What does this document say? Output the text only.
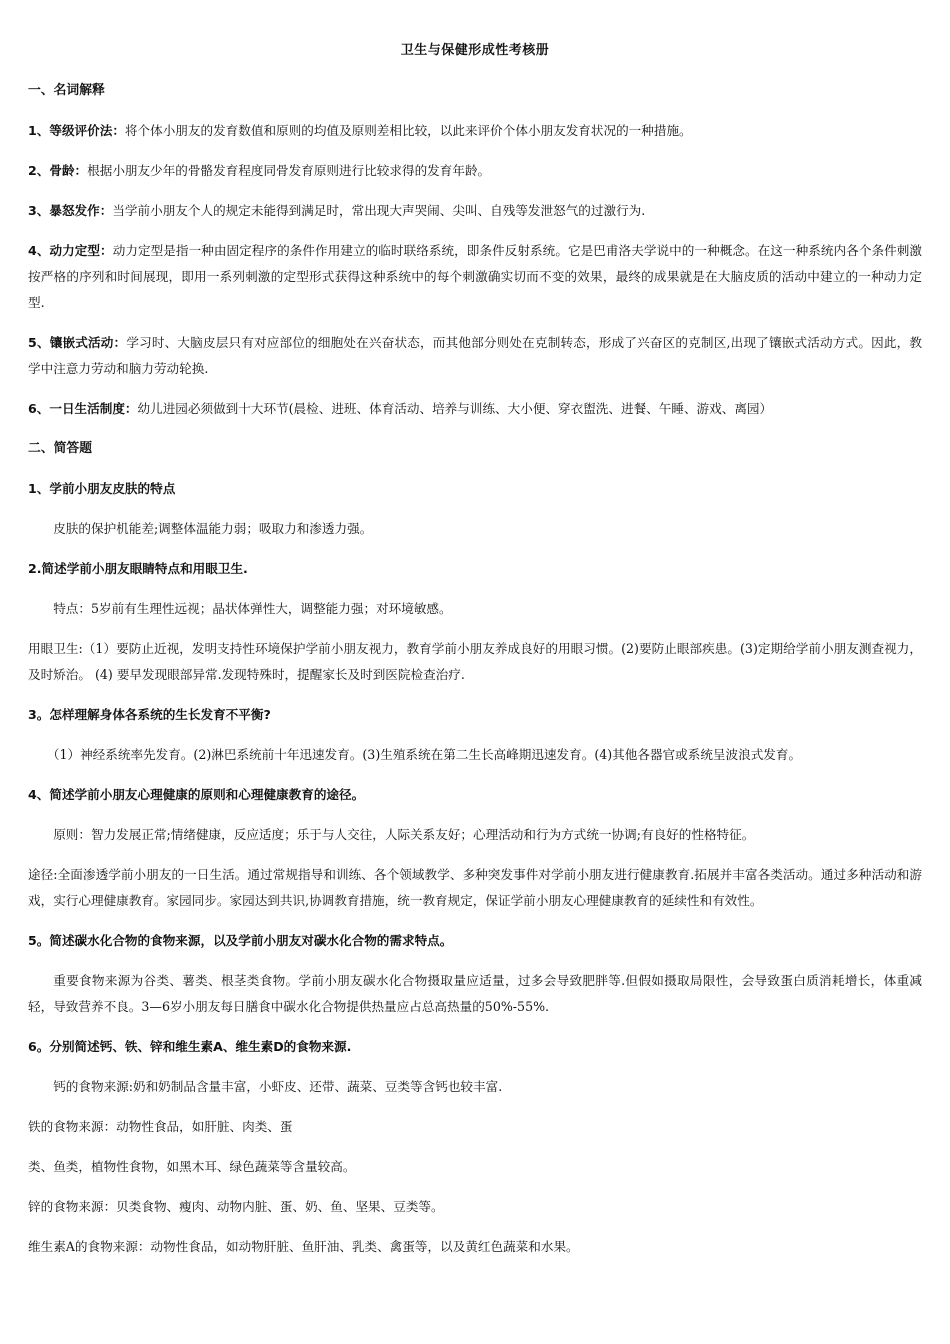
卫生与保健形成性考核册
一、名词解释
1、等级评价法：将个体小朋友的发育数值和原则的均值及原则差相比较，以此来评价个体小朋友发育状况的一种措施。
2、骨龄：根据小朋友少年的骨骼发育程度同骨发育原则进行比较求得的发育年龄。
3、暴怒发作：当学前小朋友个人的规定未能得到满足时，常出现大声哭闹、尖叫、自残等发泄怒气的过激行为.
4、动力定型：动力定型是指一种由固定程序的条件作用建立的临时联络系统，即条件反射系统。它是巴甫洛夫学说中的一种概念。在这一种系统内各个条件刺激按严格的序列和时间展现，即用一系列刺激的定型形式获得这种系统中的每个刺激确实切而不变的效果，最终的成果就是在大脑皮质的活动中建立的一种动力定型.
5、镶嵌式活动：学习时、大脑皮层只有对应部位的细胞处在兴奋状态，而其他部分则处在克制转态，形成了兴奋区的克制区,出现了镶嵌式活动方式。因此，教学中注意力劳动和脑力劳动轮换.
6、一日生活制度：幼儿进园必须做到十大环节(晨检、进班、体育活动、培养与训练、大小便、穿衣盥洗、进餐、午睡、游戏、离园）
二、简答题
1、学前小朋友皮肤的特点
皮肤的保护机能差;调整体温能力弱；吸取力和渗透力强。
2.简述学前小朋友眼睛特点和用眼卫生.
特点：5岁前有生理性远视；晶状体弹性大，调整能力强；对环境敏感。
用眼卫生:（1）要防止近视，发明支持性环境保护学前小朋友视力，教育学前小朋友养成良好的用眼习惯。(2)要防止眼部疾患。(3)定期给学前小朋友测查视力，及时矫治。 (4) 要早发现眼部异常.发现特殊时，提醒家长及时到医院检查治疗.
3。怎样理解身体各系统的生长发育不平衡?
（1）神经系统率先发育。(2)淋巴系统前十年迅速发育。(3)生殖系统在第二生长高峰期迅速发育。(4)其他各器官或系统呈波浪式发育。
4、简述学前小朋友心理健康的原则和心理健康教育的途径。
原则：智力发展正常;情绪健康，反应适度；乐于与人交往，人际关系友好；心理活动和行为方式统一协调;有良好的性格特征。
途径:全面渗透学前小朋友的一日生活。通过常规指导和训练、各个领域教学、多种突发事件对学前小朋友进行健康教育.拓展并丰富各类活动。通过多种活动和游戏，实行心理健康教育。家园同步。家园达到共识,协调教育措施，统一教育规定，保证学前小朋友心理健康教育的延续性和有效性。
5。简述碳水化合物的食物来源，以及学前小朋友对碳水化合物的需求特点。
重要食物来源为谷类、薯类、根茎类食物。学前小朋友碳水化合物摄取量应适量，过多会导致肥胖等.但假如摄取局限性，会导致蛋白质消耗增长，体重减轻，导致营养不良。3—6岁小朋友每日膳食中碳水化合物提供热量应占总高热量的50%-55%.
6。分别简述钙、铁、锌和维生素A、维生素D的食物来源.
钙的食物来源:奶和奶制品含量丰富，小虾皮、还带、蔬菜、豆类等含钙也较丰富.
铁的食物来源：动物性食品，如肝脏、肉类、蛋
类、鱼类，植物性食物，如黑木耳、绿色蔬菜等含量较高。
锌的食物来源：贝类食物、瘦肉、动物内脏、蛋、奶、鱼、坚果、豆类等。
维生素A的食物来源：动物性食品，如动物肝脏、鱼肝油、乳类、禽蛋等，以及黄红色蔬菜和水果。
